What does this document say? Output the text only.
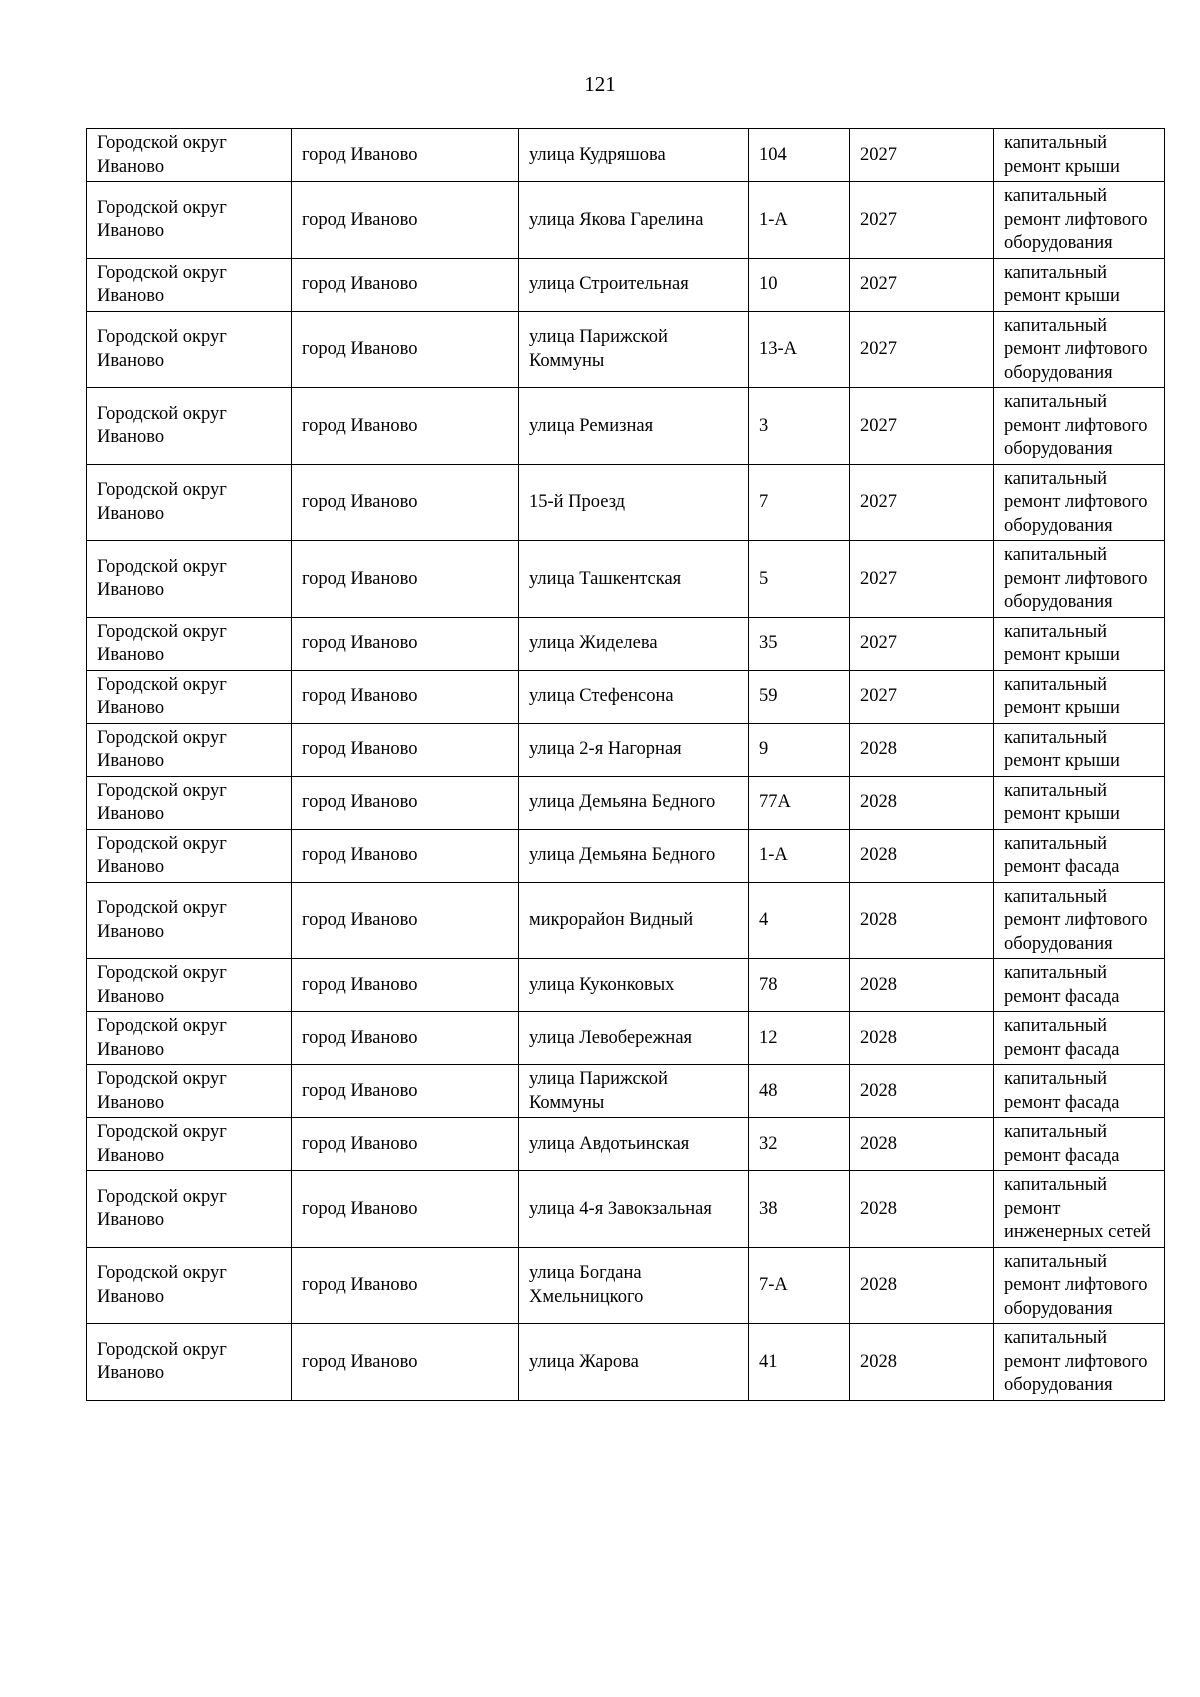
121
Городской округ Иваново	город Иваново	улица Кудряшова	104	2027	капитальный ремонт крыши
Городской округ Иваново	город Иваново	улица Якова Гарелина	1-А	2027	капитальный ремонт лифтового оборудования
Городской округ Иваново	город Иваново	улица Строительная	10	2027	капитальный ремонт крыши
Городской округ Иваново	город Иваново	улица Парижской Коммуны	13-А	2027	капитальный ремонт лифтового оборудования
Городской округ Иваново	город Иваново	улица Ремизная	3	2027	капитальный ремонт лифтового оборудования
Городской округ Иваново	город Иваново	15-й Проезд	7	2027	капитальный ремонт лифтового оборудования
Городской округ Иваново	город Иваново	улица Ташкентская	5	2027	капитальный ремонт лифтового оборудования
Городской округ Иваново	город Иваново	улица Жиделева	35	2027	капитальный ремонт крыши
Городской округ Иваново	город Иваново	улица Стефенсона	59	2027	капитальный ремонт крыши
Городской округ Иваново	город Иваново	улица 2-я Нагорная	9	2028	капитальный ремонт крыши
Городской округ Иваново	город Иваново	улица Демьяна Бедного	77А	2028	капитальный ремонт крыши
Городской округ Иваново	город Иваново	улица Демьяна Бедного	1-А	2028	капитальный ремонт фасада
Городской округ Иваново	город Иваново	микрорайон Видный	4	2028	капитальный ремонт лифтового оборудования
Городской округ Иваново	город Иваново	улица Куконковых	78	2028	капитальный ремонт фасада
Городской округ Иваново	город Иваново	улица Левобережная	12	2028	капитальный ремонт фасада
Городской округ Иваново	город Иваново	улица Парижской Коммуны	48	2028	капитальный ремонт фасада
Городской округ Иваново	город Иваново	улица Авдотьинская	32	2028	капитальный ремонт фасада
Городской округ Иваново	город Иваново	улица 4-я Завокзальная	38	2028	капитальный ремонт инженерных сетей
Городской округ Иваново	город Иваново	улица Богдана Хмельницкого	7-А	2028	капитальный ремонт лифтового оборудования
Городской округ Иваново	город Иваново	улица Жарова	41	2028	капитальный ремонт лифтового оборудования
